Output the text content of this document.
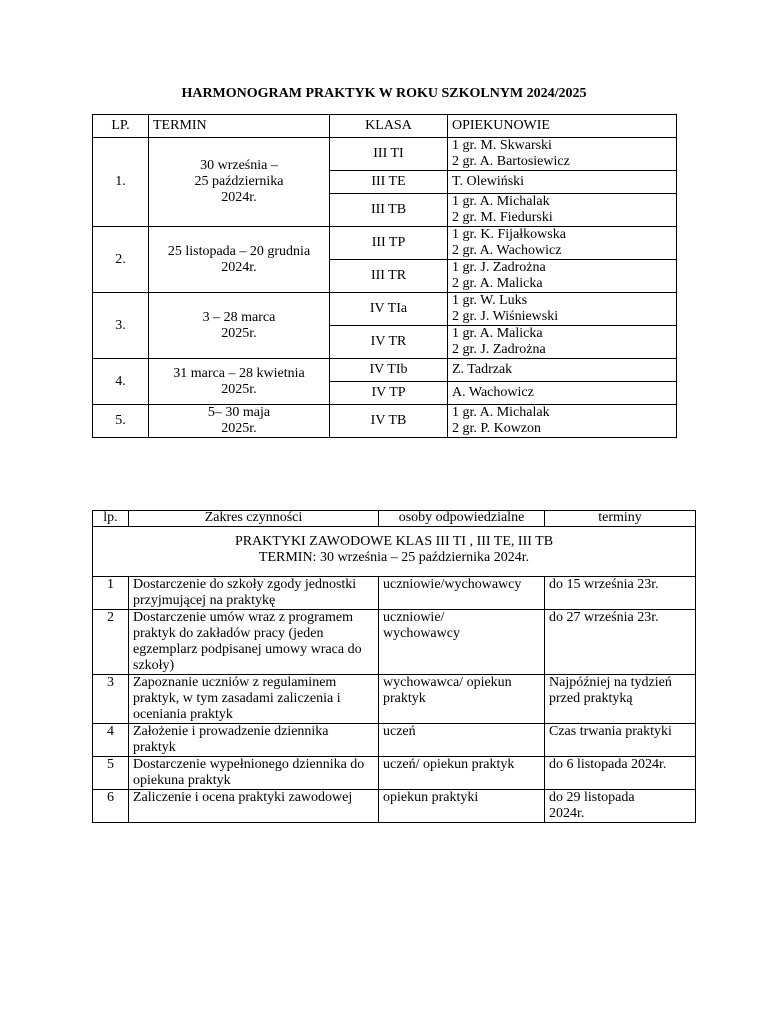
HARMONOGRAM PRAKTYK W ROKU SZKOLNYM 2024/2025
LP.	TERMIN	KLASA	OPIEKUNOWIE
1.	30 września –
25 października
2024r.	III TI	1 gr. M. Skwarski
2 gr. A. Bartosiewicz
		III TE	T. Olewiński
		III TB	1 gr. A. Michalak
2 gr. M. Fiedurski
2.	25 listopada – 20 grudnia
2024r.	III TP	1 gr. K. Fijałkowska
2 gr. A. Wachowicz
		III TR	1 gr. J. Zadrożna
2 gr. A. Malicka
3.	3 – 28 marca
2025r.	IV TIa	1 gr. W. Luks
2 gr. J. Wiśniewski
		IV TR	1 gr. A. Malicka
2 gr. J. Zadrożna
4.	31 marca – 28 kwietnia
2025r.	IV TIb	Z. Tadrzak
		IV TP	A. Wachowicz
5.	5– 30 maja
2025r.	IV TB	1 gr. A. Michalak
2 gr. P. Kowzon
lp.	Zakres czynności	osoby odpowiedzialne	terminy

PRAKTYKI ZAWODOWE KLAS III TI , III TE, III TB
TERMIN: 30 września – 25 października 2024r.			

1	Dostarczenie do szkoły zgody jednostki przyjmującej na praktykę	uczniowie/wychowawcy	do 15 września 23r.
2	Dostarczenie umów wraz z programem praktyk do zakładów pracy (jeden egzemplarz podpisanej umowy wraca do szkoły)	uczniowie/
wychowawcy	do 27 września 23r.
3	Zapoznanie uczniów z regulaminem praktyk, w tym zasadami zaliczenia i oceniania praktyk	wychowawca/ opiekun praktyk	Najpóźniej na tydzień przed praktyką
4	Założenie i prowadzenie dziennika praktyk	uczeń	Czas trwania praktyki
5	Dostarczenie wypełnionego dziennika do opiekuna praktyk	uczeń/ opiekun praktyk	do 6 listopada 2024r.
6	Zaliczenie i ocena praktyki zawodowej	opiekun praktyki	do 29 listopada
2024r.
